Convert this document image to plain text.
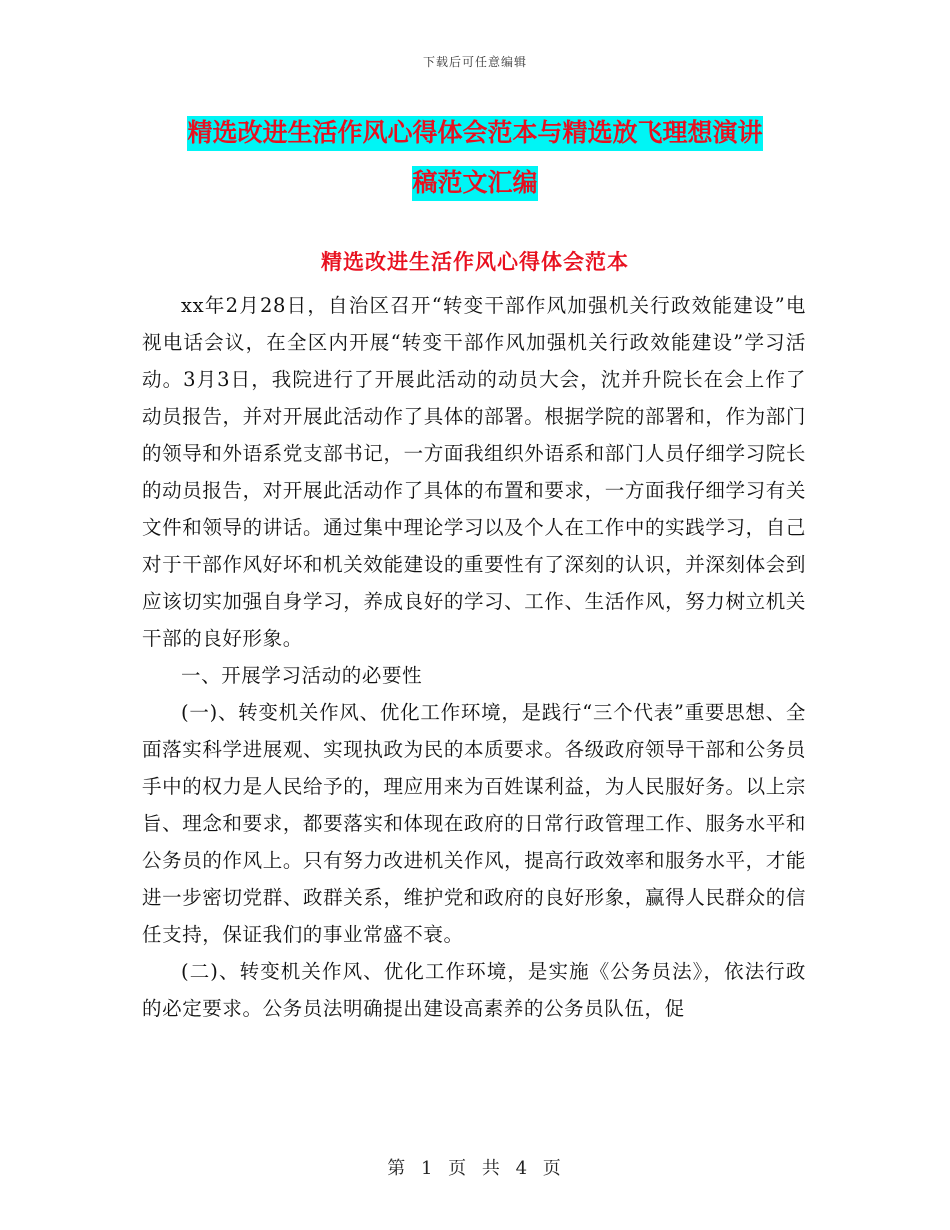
下载后可任意编辑
精选改进生活作风心得体会范本与精选放飞理想演讲
稿范文汇编
精选改进生活作风心得体会范本

xx年2月28日，自治区召开“转变干部作风加强机关行政效能建设”电视电话会议，在全区内开展“转变干部作风加强机关行政效能建设”学习活动。3月3日，我院进行了开展此活动的动员大会，沈并升院长在会上作了动员报告，并对开展此活动作了具体的部署。根据学院的部署和，作为部门的领导和外语系党支部书记，一方面我组织外语系和部门人员仔细学习院长的动员报告，对开展此活动作了具体的布置和要求，一方面我仔细学习有关文件和领导的讲话。通过集中理论学习以及个人在工作中的实践学习，自己对于干部作风好坏和机关效能建设的重要性有了深刻的认识，并深刻体会到应该切实加强自身学习，养成良好的学习、工作、生活作风，努力树立机关干部的良好形象。

一、开展学习活动的必要性

(一)、转变机关作风、优化工作环境，是践行“三个代表”重要思想、全面落实科学进展观、实现执政为民的本质要求。各级政府领导干部和公务员手中的权力是人民给予的，理应用来为百姓谋利益，为人民服好务。以上宗旨、理念和要求，都要落实和体现在政府的日常行政管理工作、服务水平和公务员的作风上。只有努力改进机关作风，提高行政效率和服务水平，才能进一步密切党群、政群关系，维护党和政府的良好形象，赢得人民群众的信任支持，保证我们的事业常盛不衰。

(二)、转变机关作风、优化工作环境，是实施《公务员法》，依法行政的必定要求。公务员法明确提出建设高素养的公务员队伍，促

第 1 页 共 4 页
